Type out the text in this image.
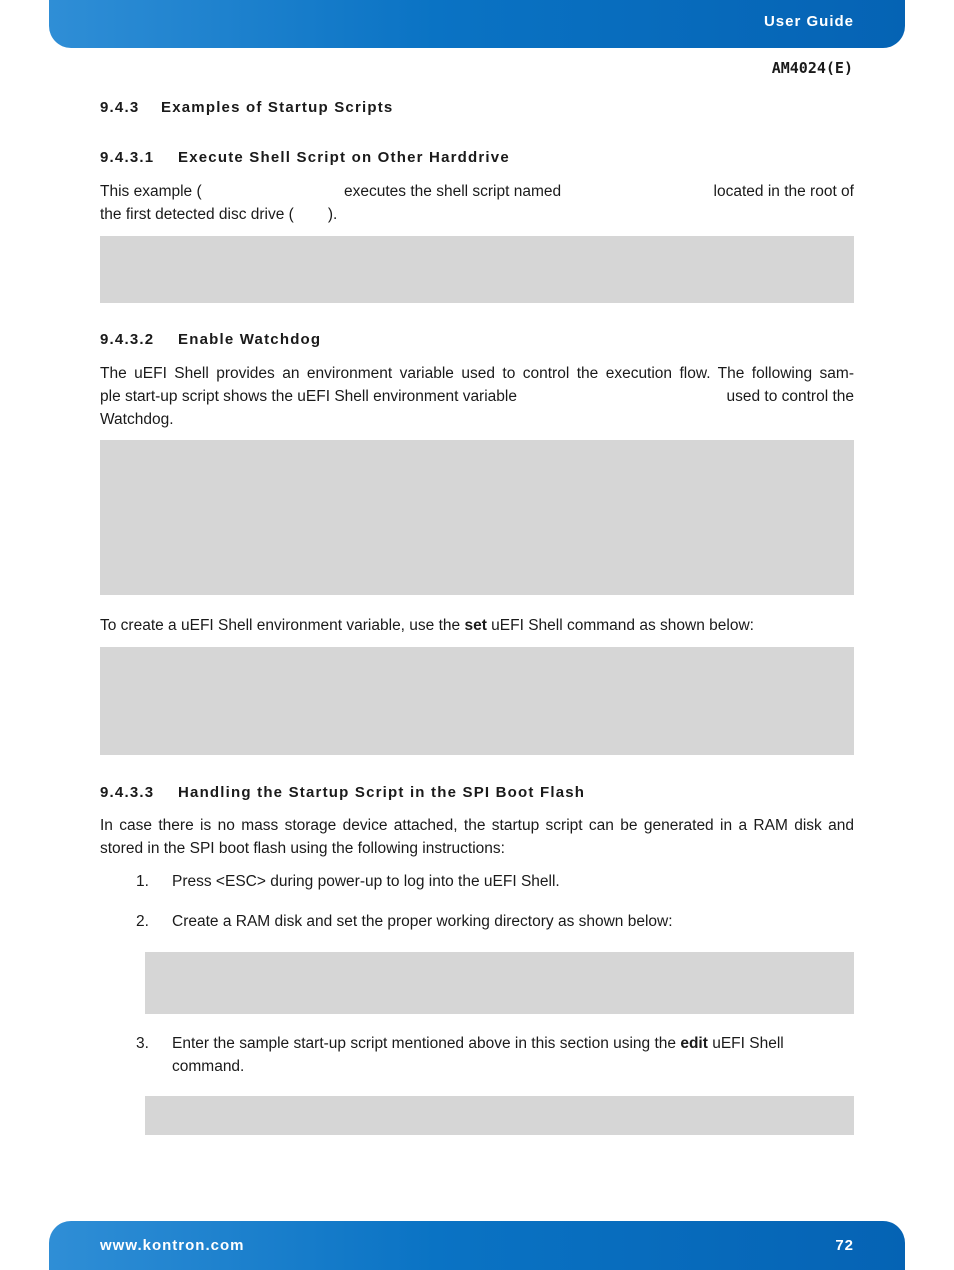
User Guide
AM4024(E)
9.4.3 Examples of Startup Scripts
9.4.3.1 Execute Shell Script on Other Harddrive
This example (	executes the shell script named	located in the root of
the first detected disc drive ( ).
9.4.3.2 Enable Watchdog
The uEFI Shell provides an environment variable used to control the execution flow. The following sam-
ple start-up script shows the uEFI Shell environment variable	used to control the
Watchdog.
To create a uEFI Shell environment variable, use the set uEFI Shell command as shown below:
9.4.3.3 Handling the Startup Script in the SPI Boot Flash

In case there is no mass storage device attached, the startup script can be generated in a RAM disk and stored in the SPI boot flash using the following instructions:

1. Press <ESC> during power-up to log into the uEFI Shell.
2. Create a RAM disk and set the proper working directory as shown below:
3. Enter the sample start-up script mentioned above in this section using the edit uEFI Shell command.
www.kontron.com	72
